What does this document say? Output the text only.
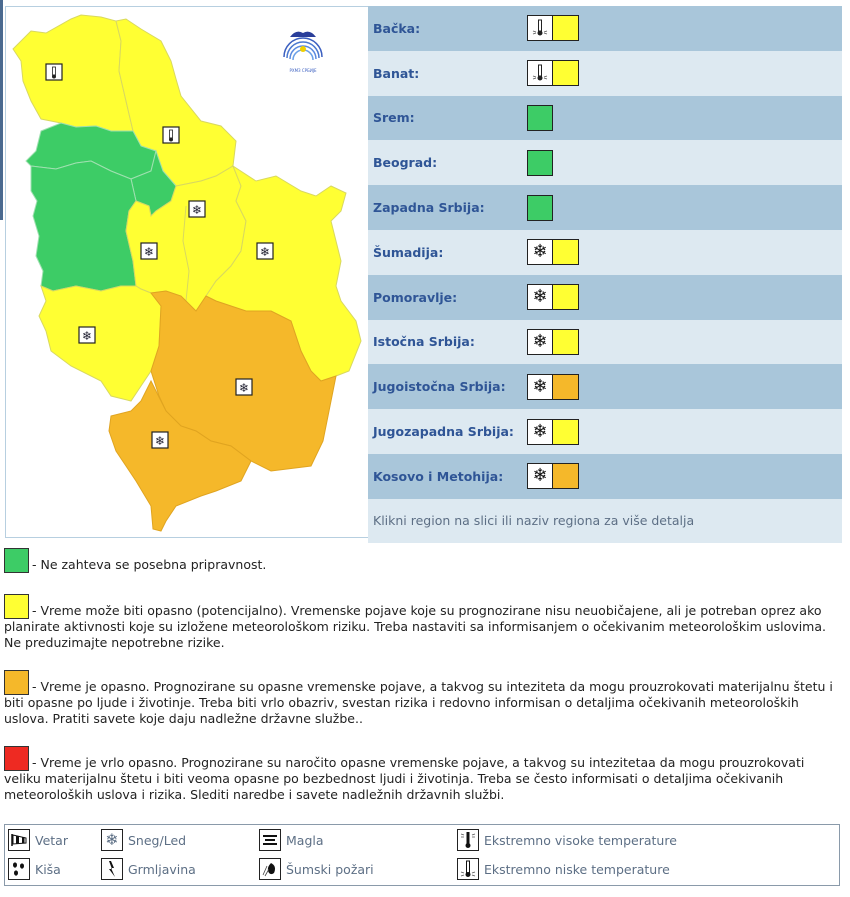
❄
❄	❄
❄
❄
❄
РХМЗ СРБИЈЕ
Bačka:
Banat:
Srem:
Beograd:
Zapadna Srbija:
Šumadija:	❄
Pomoravlje:	❄
Istočna Srbija:	❄
Jugoistočna Srbija:	❄
Jugozapadna Srbija:	❄
Kosovo i Metohija:	❄
Klikni region na slici ili naziv regiona za više detalja
- Ne zahteva se posebna pripravnost.
- Vreme može biti opasno (potencijalno). Vremenske pojave koje su prognozirane nisu neuobičajene, ali je potreban oprez ako planirate aktivnosti koje su izložene meteorološkom riziku. Treba nastaviti sa informisanjem o očekivanim meteorološkim uslovima. Ne preduzimajte nepotrebne rizike.
- Vreme je opasno. Prognozirane su opasne vremenske pojave, a takvog su inteziteta da mogu prouzrokovati materijalnu štetu i biti opasne po ljude i životinje. Treba biti vrlo obazriv, svestan rizika i redovno informisan o detaljima očekivanih meteoroloških uslova. Pratiti savete koje daju nadležne državne službe..
- Vreme je vrlo opasno. Prognozirane su naročito opasne vremenske pojave, a takvog su intezitetaa da mogu prouzrokovati veliku materijalnu štetu i biti veoma opasne po bezbednost ljudi i životinja. Treba se često informisati o detaljima očekivanih meteoroloških uslova i rizika. Slediti naredbe i savete nadležnih državnih službi.
Vetar
Kiša
❄ Sneg/Led
Grmljavina
Magla
Šumski požari
Ekstremno visoke temperature
Ekstremno niske temperature
